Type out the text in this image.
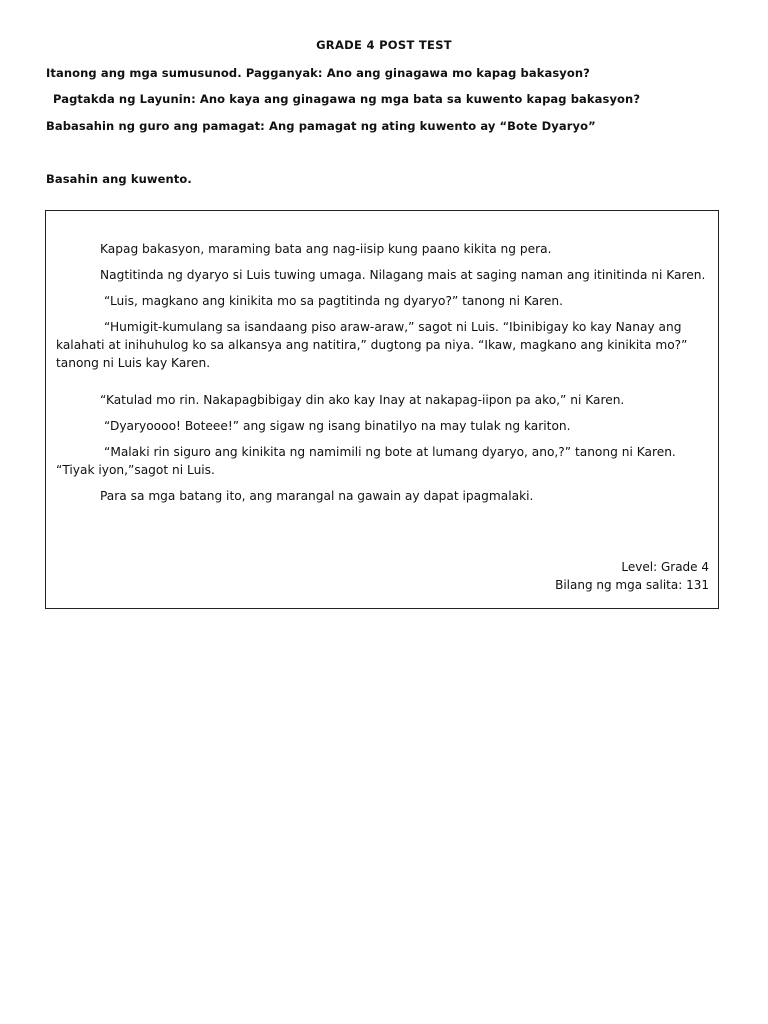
GRADE 4 POST TEST
Itanong ang mga sumusunod. Pagganyak: Ano ang ginagawa mo kapag bakasyon?
Pagtakda ng Layunin: Ano kaya ang ginagawa ng mga bata sa kuwento kapag bakasyon?
Babasahin ng guro ang pamagat: Ang pamagat ng ating kuwento ay “Bote Dyaryo”
Basahin ang kuwento.

Kapag bakasyon, maraming bata ang nag-iisip kung paano kikita ng pera.

Nagtitinda ng dyaryo si Luis tuwing umaga. Nilagang mais at saging naman ang itinitinda ni Karen.

“Luis, magkano ang kinikita mo sa pagtitinda ng dyaryo?” tanong ni Karen.

“Humigit-kumulang sa isandaang piso araw-araw,” sagot ni Luis. “Ibinibigay ko kay Nanay ang kalahati at inihuhulog ko sa alkansya ang natitira,” dugtong pa niya. “Ikaw, magkano ang kinikita mo?” tanong ni Luis kay Karen.

“Katulad mo rin. Nakapagbibigay din ako kay Inay at nakapag-iipon pa ako,” ni Karen.

“Dyaryoooo! Boteee!” ang sigaw ng isang binatilyo na may tulak ng kariton.

“Malaki rin siguro ang kinikita ng namimili ng bote at lumang dyaryo, ano,?” tanong ni Karen. “Tiyak iyon,”sagot ni Luis.

Para sa mga batang ito, ang marangal na gawain ay dapat ipagmalaki.

Level: Grade 4
Bilang ng mga salita: 131
